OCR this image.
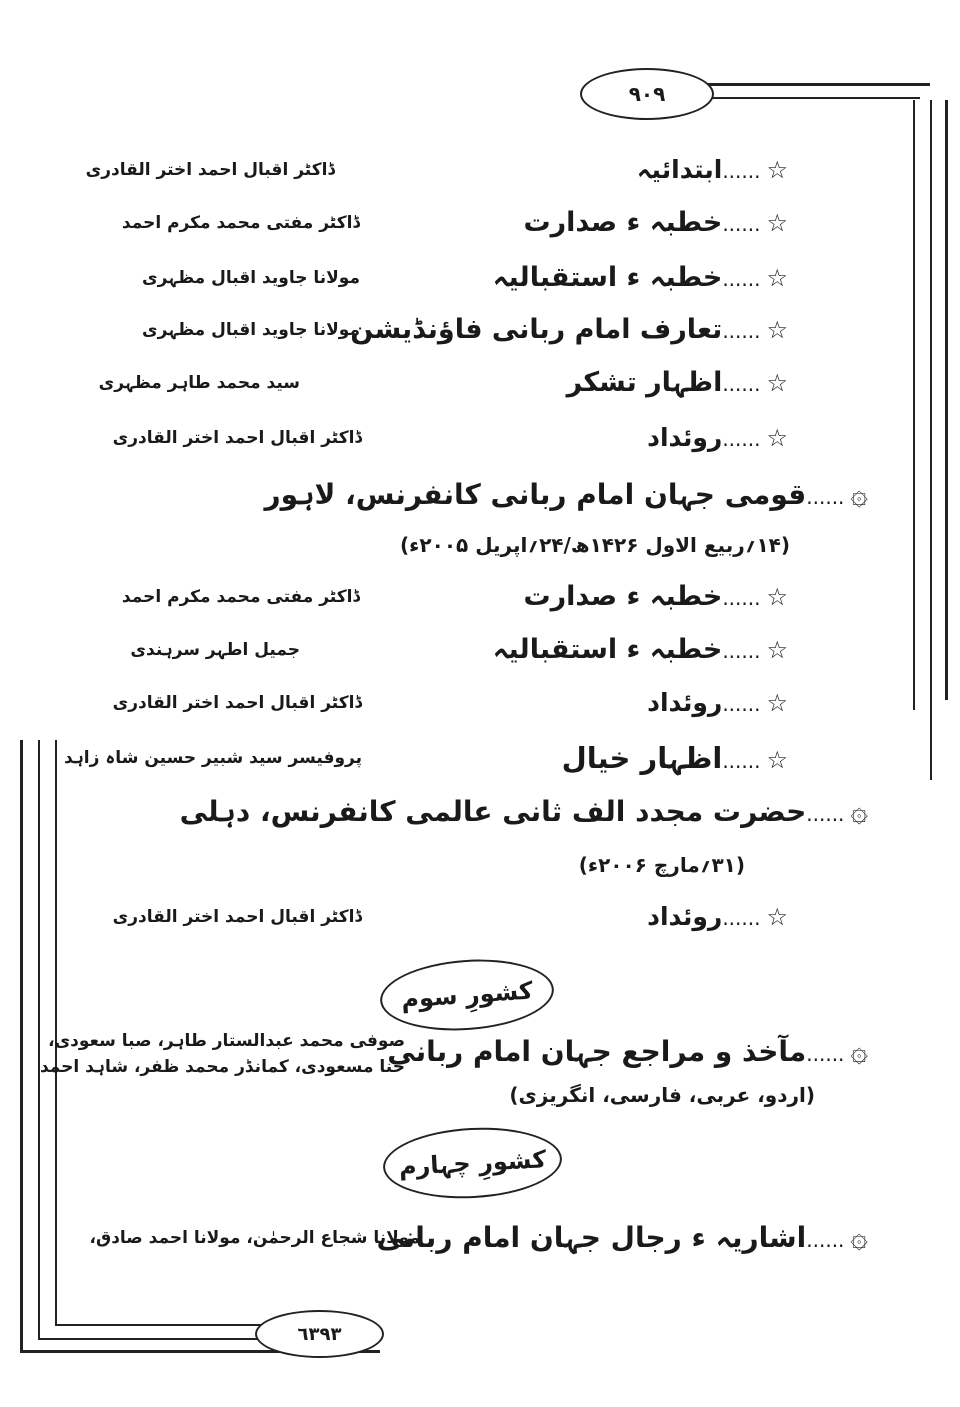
٩٠٩
☆......ابتدائیہ
ڈاکٹر اقبال احمد اختر القادری
☆......خطبہ ء صدارت
ڈاکٹر مفتی محمد مکرم احمد
☆......خطبہ ء استقبالیہ
مولانا جاوید اقبال مظہری
☆......تعارف امام ربانی فاؤنڈیشن
مولانا جاوید اقبال مظہری
☆......اظہار تشکر
سید محمد طاہر مظہری
☆......روئداد
ڈاکٹر اقبال احمد اختر القادری
۞......قومی جہان امام ربانی کانفرنس، لاہور
(۱۴؍ربیع الاول ۱۴۲۶ھ/۲۴؍اپریل ۲۰۰۵ء)
☆......خطبہ ء صدارت
ڈاکٹر مفتی محمد مکرم احمد
☆......خطبہ ء استقبالیہ
جمیل اطہر سرہندی
☆......روئداد
ڈاکٹر اقبال احمد اختر القادری
☆......اظہار خیال
پروفیسر سید شبیر حسین شاہ زاہد
۞......حضرت مجدد الف ثانی عالمی کانفرنس، دہلی
(۳۱؍مارچ ۲۰۰۶ء)
☆......روئداد
ڈاکٹر اقبال احمد اختر القادری
کشورِ سوم
۞......مآخذ و مراجع جہان امام ربانی
صوفی محمد عبدالستار طاہر، صبا سعودی،
حنا مسعودی، کمانڈر محمد ظفر، شاہد احمد
(اردو، عربی، فارسی، انگریزی)
کشورِ چہارم
۞......اشاریہ ء رجال جہان امام ربانی
مولانا شجاع الرحمٰن، مولانا احمد صادق،
٦٣٩٣
